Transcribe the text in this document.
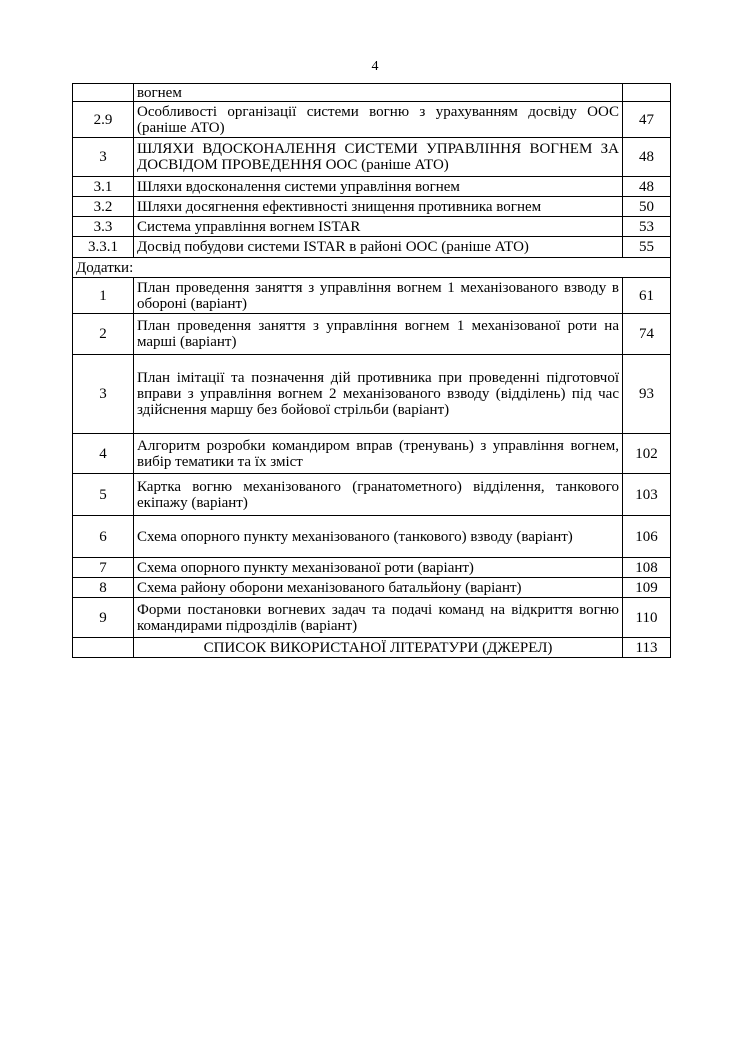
4
	вогнем	
2.9	Особливості організації системи вогню з урахуванням досвіду ООС (раніше АТО)	47
3	ШЛЯХИ ВДОСКОНАЛЕННЯ СИСТЕМИ УПРАВЛІННЯ ВОГНЕМ ЗА ДОСВІДОМ ПРОВЕДЕННЯ ООС (раніше АТО)	48
3.1	Шляхи вдосконалення системи управління вогнем	48
3.2	Шляхи досягнення ефективності знищення противника вогнем	50
3.3	Система управління вогнем ISTAR	53
3.3.1	Досвід побудови системи ISTAR в районі ООС (раніше АТО)	55
Додатки:		
1	План проведення заняття з управління вогнем 1 механізованого взводу в обороні (варіант)	61
2	План проведення заняття з управління вогнем 1 механізованої роти на марші (варіант)	74
3	План імітації та позначення дій противника при проведенні підготовчої вправи з управління вогнем 2 механізованого взводу (відділень) під час здійснення маршу без бойової стрільби (варіант)	93
4	Алгоритм розробки командиром вправ (тренувань) з управління вогнем, вибір тематики та їх зміст	102
5	Картка вогню механізованого (гранатометного) відділення, танкового екіпажу (варіант)	103
6	Схема опорного пункту механізованого (танкового) взводу (варіант)	106
7	Схема опорного пункту механізованої роти (варіант)	108
8	Схема району оборони механізованого батальйону (варіант)	109
9	Форми постановки вогневих задач та подачі команд на відкриття вогню командирами підрозділів (варіант)	110
	СПИСОК ВИКОРИСТАНОЇ ЛІТЕРАТУРИ (ДЖЕРЕЛ)	113
